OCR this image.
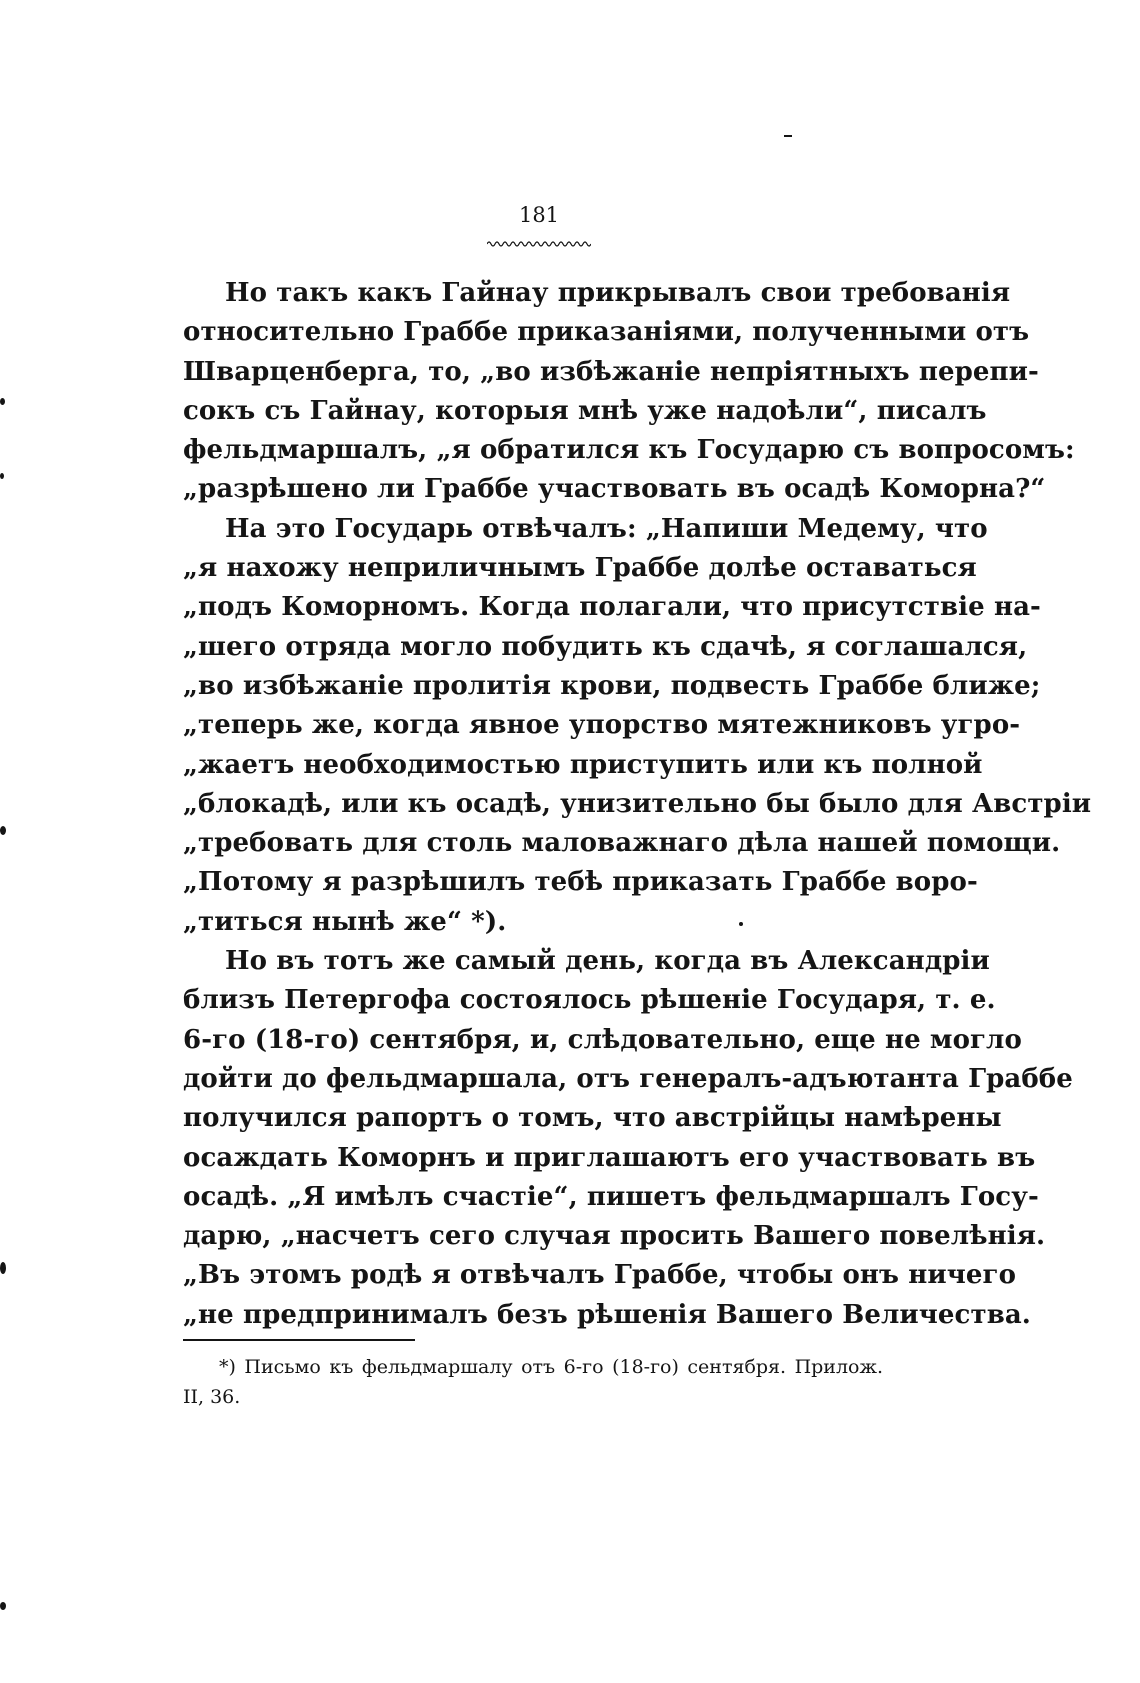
181
Но такъ какъ Гайнау прикрывалъ свои требованія
относительно Граббе приказаніями, полученными отъ
Шварценберга, то, „во избѣжаніе непріятныхъ перепи-
сокъ съ Гайнау, которыя мнѣ уже надоѣли“, писалъ
фельдмаршалъ, „я обратился къ Государю съ вопросомъ:
„разрѣшено ли Граббе участвовать въ осадѣ Коморна?“
На это Государь отвѣчалъ: „Напиши Медему, что
„я нахожу неприличнымъ Граббе долѣе оставаться
„подъ Коморномъ. Когда полагали, что присутствіе на-
„шего отряда могло побудить къ сдачѣ, я соглашался,
„во избѣжаніе пролитія крови, подвесть Граббе ближе;
„теперь же, когда явное упорство мятежниковъ угро-
„жаетъ необходимостью приступить или къ полной
„блокадѣ, или къ осадѣ, унизительно бы было для Австріи
„требовать для столь маловажнаго дѣла нашей помощи.
„Потому я разрѣшилъ тебѣ приказать Граббе воро-
„титься нынѣ же“ *).
Но въ тотъ же самый день, когда въ Александріи
близъ Петергофа состоялось рѣшеніе Государя, т. е.
6-го (18-го) сентября, и, слѣдовательно, еще не могло
дойти до фельдмаршала, отъ генералъ-адъютанта Граббе
получился рапортъ о томъ, что австрійцы намѣрены
осаждать Коморнъ и приглашаютъ его участвовать въ
осадѣ. „Я имѣлъ счастіе“, пишетъ фельдмаршалъ Госу-
дарю, „насчетъ сего случая просить Вашего повелѣнія.
„Въ этомъ родѣ я отвѣчалъ Граббе, чтобы онъ ничего
„не предпринималъ безъ рѣшенія Вашего Величества.
*) Письмо къ фельдмаршалу отъ 6-го (18-го) сентября. Прилож.
II, 36.
